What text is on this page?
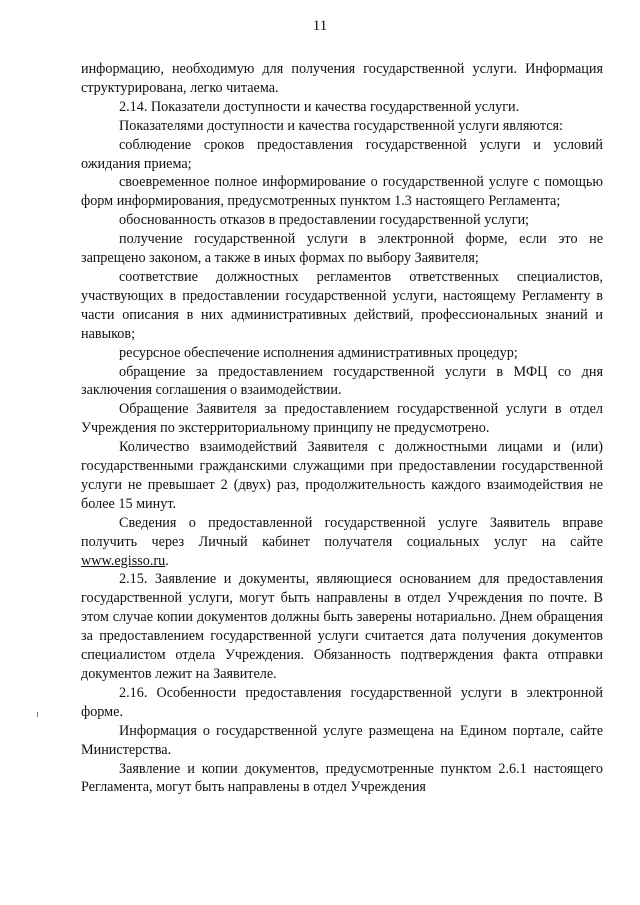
11

информацию, необходимую для получения государственной услуги. Информация структурирована, легко читаема.

2.14. Показатели доступности и качества государственной услуги.

Показателями доступности и качества государственной услуги являются:

соблюдение сроков предоставления государственной услуги и условий ожидания приема;

своевременное полное информирование о государственной услуге с помощью форм информирования, предусмотренных пунктом 1.3 настоящего Регламента;

обоснованность отказов в предоставлении государственной услуги;

получение государственной услуги в электронной форме, если это не запрещено законом, а также в иных формах по выбору Заявителя;

соответствие должностных регламентов ответственных специалистов, участвующих в предоставлении государственной услуги, настоящему Регламенту в части описания в них административных действий, профессиональных знаний и навыков;

ресурсное обеспечение исполнения административных процедур;

обращение за предоставлением государственной услуги в МФЦ со дня заключения соглашения о взаимодействии.

Обращение Заявителя за предоставлением государственной услуги в отдел Учреждения по экстерриториальному принципу не предусмотрено.

Количество взаимодействий Заявителя с должностными лицами и (или) государственными гражданскими служащими при предоставлении государственной услуги не превышает 2 (двух) раз, продолжительность каждого взаимодействия не более 15 минут.

Сведения о предоставленной государственной услуге Заявитель вправе получить через Личный кабинет получателя социальных услуг на сайте www.egisso.ru.

2.15. Заявление и документы, являющиеся основанием для предоставления государственной услуги, могут быть направлены в отдел Учреждения по почте. В этом случае копии документов должны быть заверены нотариально. Днем обращения за предоставлением государственной услуги считается дата получения документов специалистом отдела Учреждения. Обязанность подтверждения факта отправки документов лежит на Заявителе.

2.16. Особенности предоставления государственной услуги в электронной форме.

Информация о государственной услуге размещена на Едином портале, сайте Министерства.

Заявление и копии документов, предусмотренные пунктом 2.6.1 настоящего Регламента, могут быть направлены в отдел Учреждения
